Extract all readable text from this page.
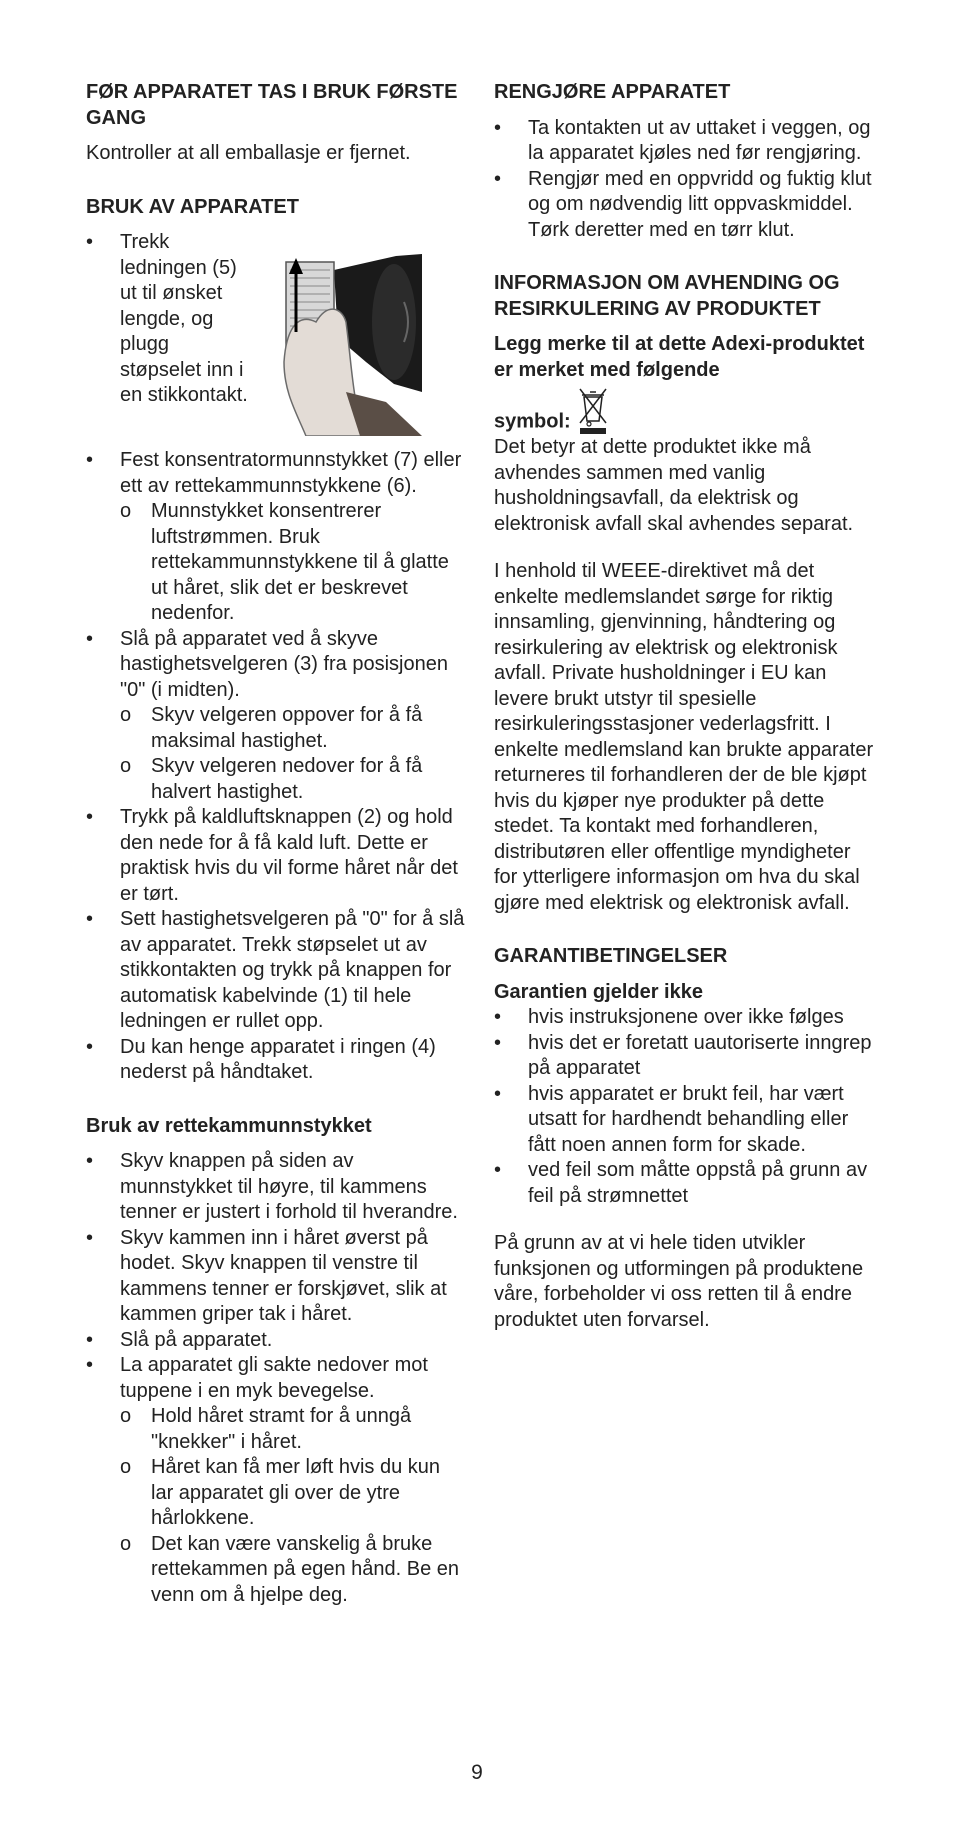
FØR APPARATET TAS I BRUK FØRSTE GANG

Kontroller at all emballasje er fjernet.

BRUK AV APPARATET
• Trekk ledningen (5) ut til ønsket lengde, og plugg støpselet inn i en stikkontakt.
• Fest konsentratormunnstykket (7) eller ett av rettekammunnstykkene (6).
o Munnstykket konsentrerer luftstrømmen. Bruk rettekammunnstykkene til å glatte ut håret, slik det er beskrevet nedenfor.
• Slå på apparatet ved å skyve hastighetsvelgeren (3) fra posisjonen "0" (i midten).
o Skyv velgeren oppover for å få maksimal hastighet.
o Skyv velgeren nedover for å få halvert hastighet.
• Trykk på kaldluftsknappen (2) og hold den nede for å få kald luft. Dette er praktisk hvis du vil forme håret når det er tørt.
• Sett hastighetsvelgeren på "0" for å slå av apparatet. Trekk støpselet ut av stikkontakten og trykk på knappen for automatisk kabelvinde (1) til hele ledningen er rullet opp.
• Du kan henge apparatet i ringen (4) nederst på håndtaket.
Bruk av rettekammunnstykket
• Skyv knappen på siden av munnstykket til høyre, til kammens tenner er justert i forhold til hverandre.
• Skyv kammen inn i håret øverst på hodet. Skyv knappen til venstre til kammens tenner er forskjøvet, slik at kammen griper tak i håret.
• Slå på apparatet.
• La apparatet gli sakte nedover mot tuppene i en myk bevegelse.
o Hold håret stramt for å unngå "knekker" i håret.
o Håret kan få mer løft hvis du kun lar apparatet gli over de ytre hårlokkene.
o Det kan være vanskelig å bruke rettekammen på egen hånd. Be en venn om å hjelpe deg.
RENGJØRE APPARATET
• Ta kontakten ut av uttaket i veggen, og la apparatet kjøles ned før rengjøring.
• Rengjør med en oppvridd og fuktig klut og om nødvendig litt oppvaskmiddel. Tørk deretter med en tørr klut.
INFORMASJON OM AVHENDING OG RESIRKULERING AV PRODUKTET

Legg merke til at dette Adexi-produktet er merket med følgende

symbol:

Det betyr at dette produktet ikke må avhendes sammen med vanlig husholdningsavfall, da elektrisk og elektronisk avfall skal avhendes separat.

I henhold til WEEE-direktivet må det enkelte medlemslandet sørge for riktig innsamling, gjenvinning, håndtering og resirkulering av elektrisk og elektronisk avfall. Private husholdninger i EU kan levere brukt utstyr til spesielle resirkuleringsstasjoner vederlagsfritt. I enkelte medlemsland kan brukte apparater returneres til forhandleren der de ble kjøpt hvis du kjøper nye produkter på dette stedet. Ta kontakt med forhandleren, distributøren eller offentlige myndigheter for ytterligere informasjon om hva du skal gjøre med elektrisk og elektronisk avfall.

GARANTIBETINGELSER

Garantien gjelder ikke

• hvis instruksjonene over ikke følges
• hvis det er foretatt uautoriserte inngrep på apparatet
• hvis apparatet er brukt feil, har vært utsatt for hardhendt behandling eller fått noen annen form for skade.
• ved feil som måtte oppstå på grunn av feil på strømnettet

På grunn av at vi hele tiden utvikler funksjonen og utformingen på produktene våre, forbeholder vi oss retten til å endre produktet uten forvarsel.

9
